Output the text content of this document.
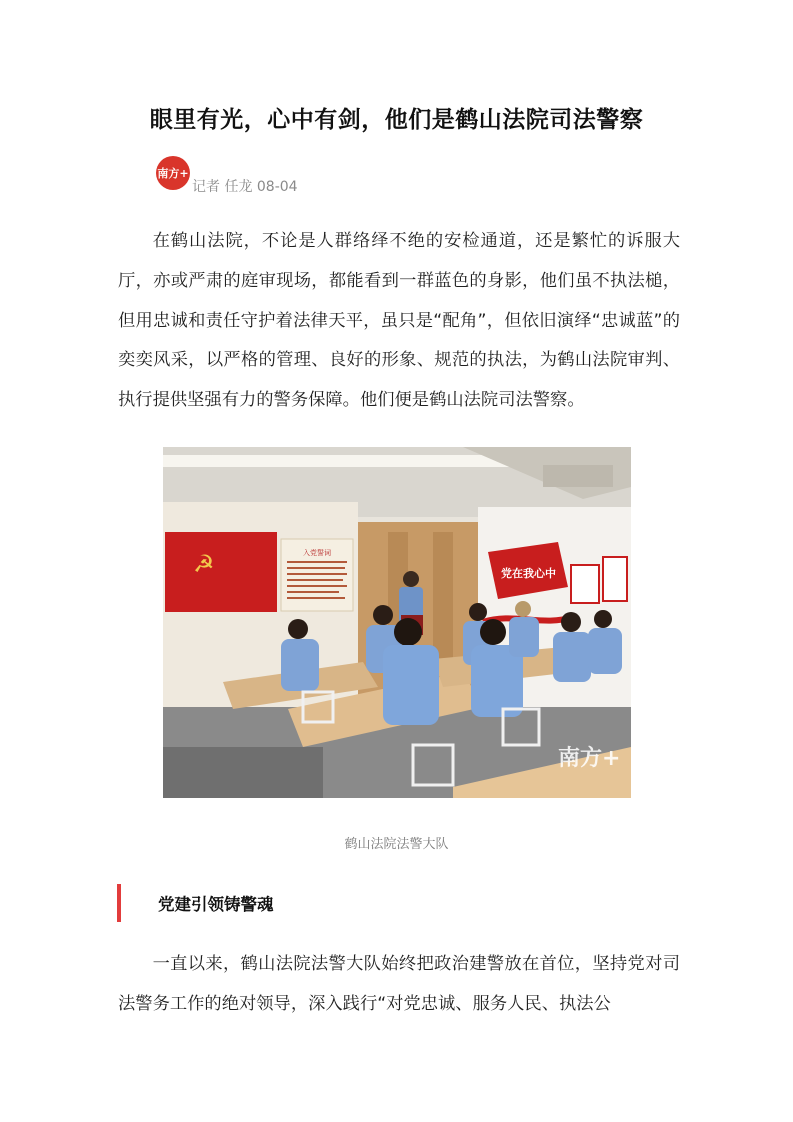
眼里有光，心中有剑，他们是鹤山法院司法警察
南方+
记者 任龙 08-04

在鹤山法院，不论是人群络绎不绝的安检通道，还是繁忙的诉服大厅，亦或严肃的庭审现场，都能看到一群蓝色的身影，他们虽不执法槌，但用忠诚和责任守护着法律天平，虽只是“配角”，但依旧演绎“忠诚蓝”的奕奕风采，以严格的管理、良好的形象、规范的执法，为鹤山法院审判、执行提供坚强有力的警务保障。他们便是鹤山法院司法警察。

☭	入党誓词
党在我心中
南方+
鹤山法院法警大队
党建引领铸警魂

一直以来，鹤山法院法警大队始终把政治建警放在首位，坚持党对司法警务工作的绝对领导，深入践行“对党忠诚、服务人民、执法公
